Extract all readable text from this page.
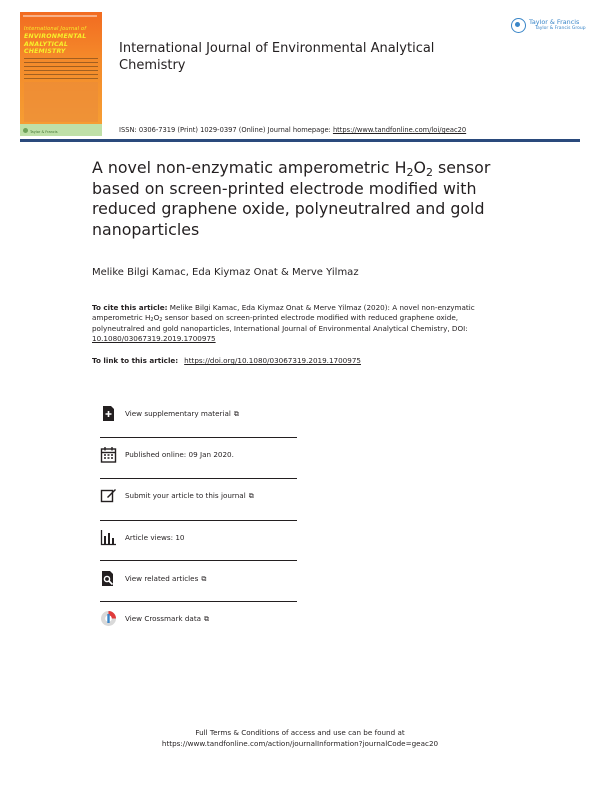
International Journal of
ENVIRONMENTAL
ANALYTICAL
CHEMISTRY
Taylor & Francis
International Journal of Environmental Analytical Chemistry
Taylor & Francis
Taylor & Francis Group
ISSN: 0306-7319 (Print) 1029-0397 (Online) Journal homepage: https://www.tandfonline.com/loi/geac20
A novel non-enzymatic amperometric $H_2O_2$ sensor based on screen-printed electrode modified with reduced graphene oxide, polyneutralred and gold nanoparticles
Melike Bilgi Kamac, Eda Kiymaz Onat & Merve Yilmaz
To cite this article: Melike Bilgi Kamac, Eda Kiymaz Onat & Merve Yilmaz (2020): A novel non-enzymatic amperometric $H_2O_2$ sensor based on screen-printed electrode modified with reduced graphene oxide, polyneutralred and gold nanoparticles, International Journal of Environmental Analytical Chemistry, DOI: 10.1080/03067319.2019.1700975
To link to this article: https://doi.org/10.1080/03067319.2019.1700975
View supplementary material ⧉
Published online: 09 Jan 2020.
Submit your article to this journal ⧉
Article views: 10
View related articles ⧉
View Crossmark data ⧉
Full Terms & Conditions of access and use can be found at
https://www.tandfonline.com/action/journalInformation?journalCode=geac20
